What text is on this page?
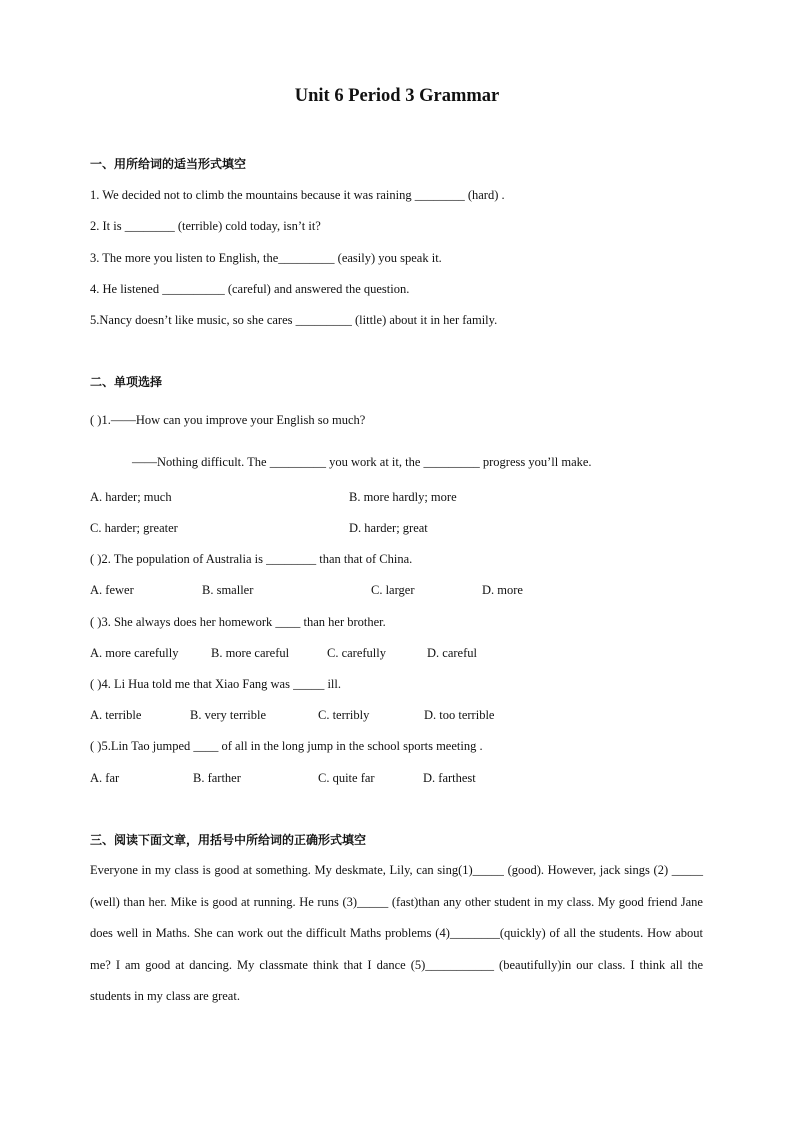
Unit 6 Period 3 Grammar
一、用所给词的适当形式填空
1. We decided not to climb the mountains because it was raining ________ (hard) .
2. It is ________ (terrible) cold today, isn’t it?
3. The more you listen to English, the_________ (easily) you speak it.
4. He listened __________ (careful) and answered the question.
5.Nancy doesn’t like music, so she cares _________ (little) about it in her family.
二、单项选择
( )1.——How can you improve your English so much?
——Nothing difficult. The _________ you work at it, the _________ progress you’ll make.
A. harder; much	B. more hardly; more
C. harder; greater	D. harder; great
( )2. The population of Australia is ________ than that of China.
A. fewer	B. smaller	C. larger	D. more
( )3. She always does her homework ____ than her brother.
A. more carefully	B. more careful	C. carefully	D. careful
( )4. Li Hua told me that Xiao Fang was _____ ill.
A. terrible	B. very terrible	C. terribly	D. too terrible
( )5.Lin Tao jumped ____ of all in the long jump in the school sports meeting .
A. far	B. farther	C. quite far	D. farthest
三、阅读下面文章，用括号中所给词的正确形式填空
Everyone in my class is good at something. My deskmate, Lily, can sing(1)_____ (good). However, jack sings (2) _____ (well) than her. Mike is good at running. He runs (3)_____ (fast)than any other student in my class. My good friend Jane does well in Maths. She can work out the difficult Maths problems (4)________(quickly) of all the students. How about me? I am good at dancing. My classmate think that I dance (5)___________ (beautifully)in our class. I think all the students in my class are great.
